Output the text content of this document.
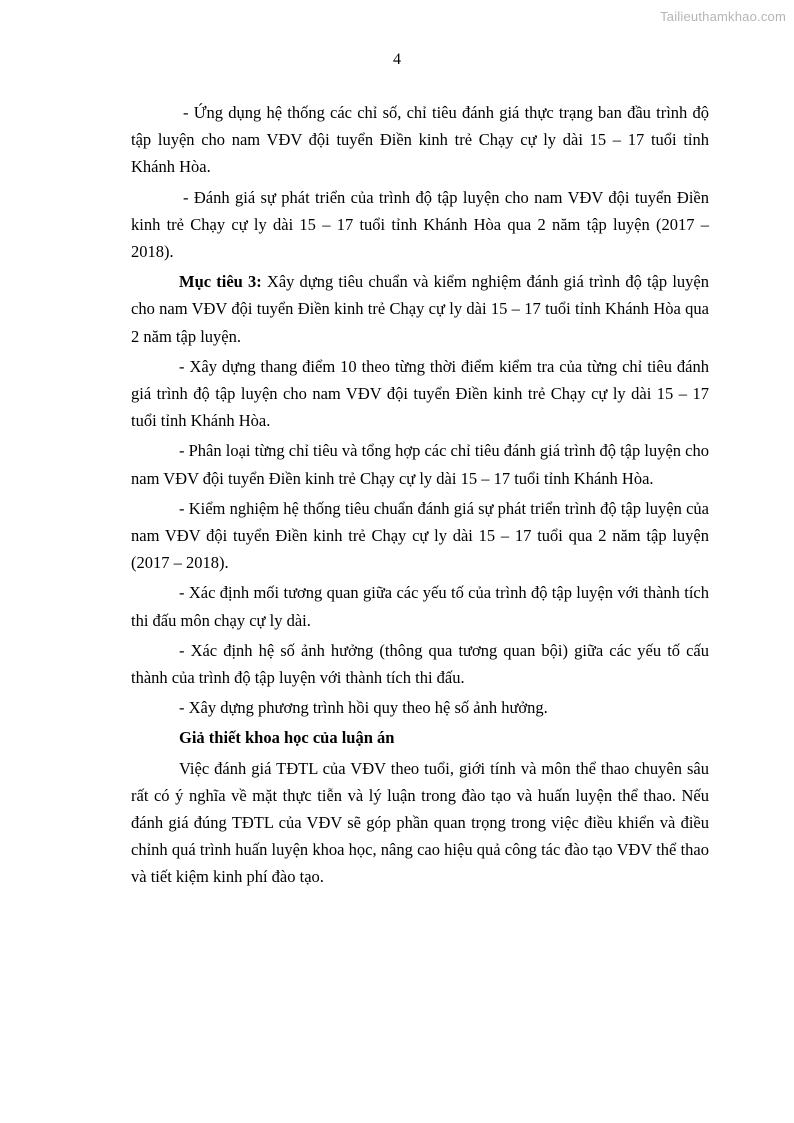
Tailieuthamkhao.com
4

- Ứng dụng hệ thống các chỉ số, chỉ tiêu đánh giá thực trạng ban đầu trình độ tập luyện cho nam VĐV đội tuyển Điền kinh trẻ Chạy cự ly dài 15 – 17 tuổi tỉnh Khánh Hòa.

- Đánh giá sự phát triển của trình độ tập luyện cho nam VĐV đội tuyển Điền kinh trẻ Chạy cự ly dài 15 – 17 tuổi tỉnh Khánh Hòa qua 2 năm tập luyện (2017 – 2018).

Mục tiêu 3: Xây dựng tiêu chuẩn và kiểm nghiệm đánh giá trình độ tập luyện cho nam VĐV đội tuyển Điền kinh trẻ Chạy cự ly dài 15 – 17 tuổi tỉnh Khánh Hòa qua 2 năm tập luyện.

- Xây dựng thang điểm 10 theo từng thời điểm kiểm tra của từng chỉ tiêu đánh giá trình độ tập luyện cho nam VĐV đội tuyển Điền kinh trẻ Chạy cự ly dài 15 – 17 tuổi tỉnh Khánh Hòa.

- Phân loại từng chỉ tiêu và tổng hợp các chỉ tiêu đánh giá trình độ tập luyện cho nam VĐV đội tuyển Điền kinh trẻ Chạy cự ly dài 15 – 17 tuổi tỉnh Khánh Hòa.

- Kiểm nghiệm hệ thống tiêu chuẩn đánh giá sự phát triển trình độ tập luyện của nam VĐV đội tuyển Điền kinh trẻ Chạy cự ly dài 15 – 17 tuổi qua 2 năm tập luyện (2017 – 2018).

- Xác định mối tương quan giữa các yếu tố của trình độ tập luyện với thành tích thi đấu môn chạy cự ly dài.

- Xác định hệ số ảnh hưởng (thông qua tương quan bội) giữa các yếu tố cấu thành của trình độ tập luyện với thành tích thi đấu.

- Xây dựng phương trình hồi quy theo hệ số ảnh hưởng.

Giả thiết khoa học của luận án

Việc đánh giá TĐTL của VĐV theo tuổi, giới tính và môn thể thao chuyên sâu rất có ý nghĩa về mặt thực tiễn và lý luận trong đào tạo và huấn luyện thể thao. Nếu đánh giá đúng TĐTL của VĐV sẽ góp phần quan trọng trong việc điều khiển và điều chỉnh quá trình huấn luyện khoa học, nâng cao hiệu quả công tác đào tạo VĐV thể thao và tiết kiệm kinh phí đào tạo.
